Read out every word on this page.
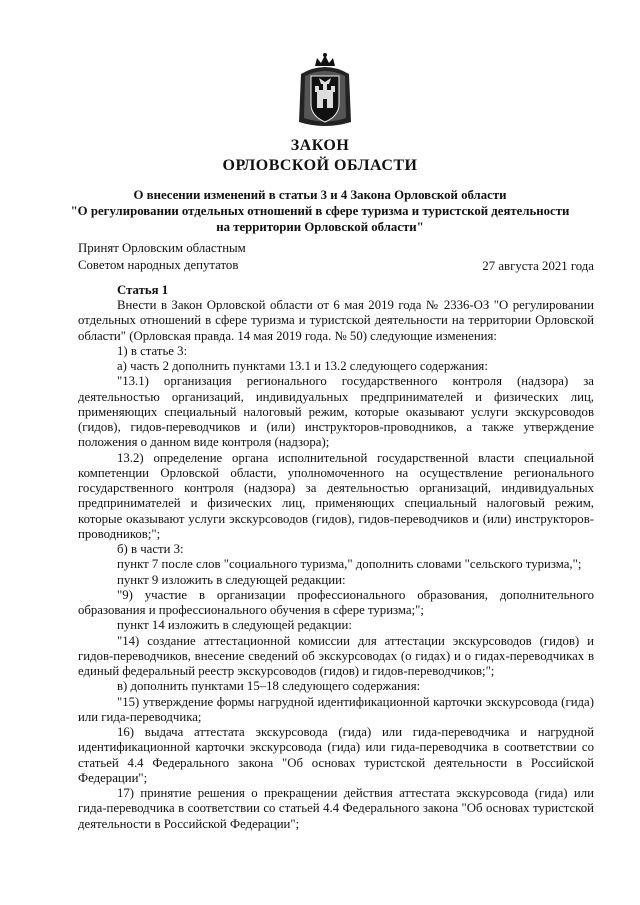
ЗАКОН
ОРЛОВСКОЙ ОБЛАСТИ
О внесении изменений в статьи 3 и 4 Закона Орловской области
"О регулировании отдельных отношений в сфере туризма и туристской деятельности
на территории Орловской области"
Принят Орловским областным
Советом народных депутатов	27 августа 2021 года
Статья 1

Внести в Закон Орловской области от 6 мая 2019 года № 2336-ОЗ "О регулировании отдельных отношений в сфере туризма и туристской деятельности на территории Орловской области" (Орловская правда. 14 мая 2019 года. № 50) следующие изменения:

1) в статье 3:

а) часть 2 дополнить пунктами 13.1 и 13.2 следующего содержания:

"13.1) организация регионального государственного контроля (надзора) за деятельностью организаций, индивидуальных предпринимателей и физических лиц, применяющих специальный налоговый режим, которые оказывают услуги экскурсоводов (гидов), гидов-переводчиков и (или) инструкторов-проводников, а также утверждение положения о данном виде контроля (надзора);

13.2) определение органа исполнительной государственной власти специальной компетенции Орловской области, уполномоченного на осуществление регионального государственного контроля (надзора) за деятельностью организаций, индивидуальных предпринимателей и физических лиц, применяющих специальный налоговый режим, которые оказывают услуги экскурсоводов (гидов), гидов-переводчиков и (или) инструкторов-проводников;";

б) в части 3:

пункт 7 после слов "социального туризма," дополнить словами "сельского туризма,";

пункт 9 изложить в следующей редакции:

"9) участие в организации профессионального образования, дополнительного образования и профессионального обучения в сфере туризма;";

пункт 14 изложить в следующей редакции:

"14) создание аттестационной комиссии для аттестации экскурсоводов (гидов) и гидов-переводчиков, внесение сведений об экскурсоводах (о гидах) и о гидах-переводчиках в единый федеральный реестр экскурсоводов (гидов) и гидов-переводчиков;";

в) дополнить пунктами 15–18 следующего содержания:

"15) утверждение формы нагрудной идентификационной карточки экскурсовода (гида) или гида-переводчика;

16) выдача аттестата экскурсовода (гида) или гида-переводчика и нагрудной идентификационной карточки экскурсовода (гида) или гида-переводчика в соответствии со статьей 4.4 Федерального закона "Об основах туристской деятельности в Российской Федерации";

17) принятие решения о прекращении действия аттестата экскурсовода (гида) или гида-переводчика в соответствии со статьей 4.4 Федерального закона "Об основах туристской деятельности в Российской Федерации";
